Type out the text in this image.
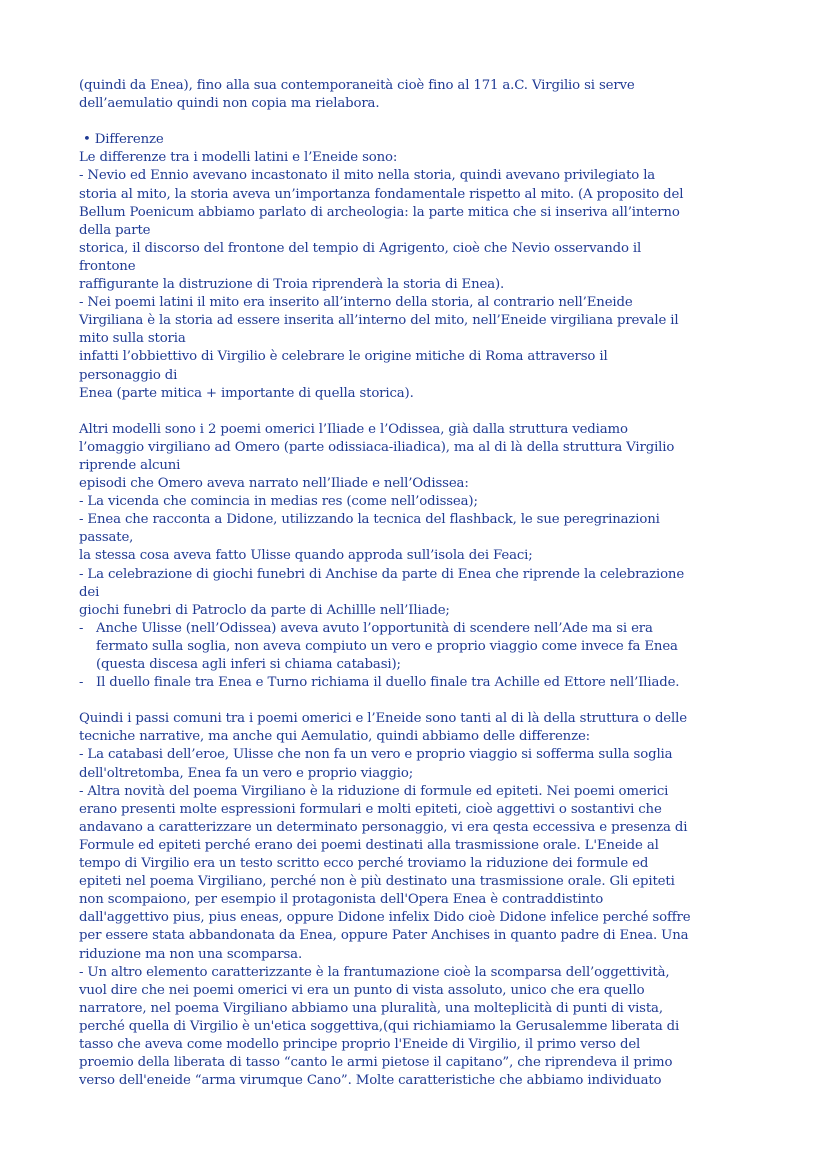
(quindi da Enea), fino alla sua contemporaneità cioè fino al 171 a.C. Virgilio si serve
dell’aemulatio quindi non copia ma rielabora.
• Differenze
Le differenze tra i modelli latini e l’Eneide sono:
- Nevio ed Ennio avevano incastonato il mito nella storia, quindi avevano privilegiato la
storia al mito, la storia aveva un’importanza fondamentale rispetto al mito. (A proposito del
Bellum Poenicum abbiamo parlato di archeologia: la parte mitica che si inseriva all’interno
della parte
storica, il discorso del frontone del tempio di Agrigento, cioè che Nevio osservando il
frontone
raffigurante la distruzione di Troia riprenderà la storia di Enea).
- Nei poemi latini il mito era inserito all’interno della storia, al contrario nell’Eneide
Virgiliana è la storia ad essere inserita all’interno del mito, nell’Eneide virgiliana prevale il
mito sulla storia
infatti l’obbiettivo di Virgilio è celebrare le origine mitiche di Roma attraverso il
personaggio di
Enea (parte mitica + importante di quella storica).
Altri modelli sono i 2 poemi omerici l’Iliade e l’Odissea, già dalla struttura vediamo
l’omaggio virgiliano ad Omero (parte odissiaca-iliadica), ma al di là della struttura Virgilio
riprende alcuni
episodi che Omero aveva narrato nell’Iliade e nell’Odissea:
- La vicenda che comincia in medias res (come nell’odissea);
- Enea che racconta a Didone, utilizzando la tecnica del flashback, le sue peregrinazioni
passate,
la stessa cosa aveva fatto Ulisse quando approda sull’isola dei Feaci;
- La celebrazione di giochi funebri di Anchise da parte di Enea che riprende la celebrazione
dei
giochi funebri di Patroclo da parte di Achillle nell’Iliade;
- Anche Ulisse (nell’Odissea) aveva avuto l’opportunità di scendere nell’Ade ma si era
fermato sulla soglia, non aveva compiuto un vero e proprio viaggio come invece fa Enea
(questa discesa agli inferi si chiama catabasi);
- Il duello finale tra Enea e Turno richiama il duello finale tra Achille ed Ettore nell’Iliade.
Quindi i passi comuni tra i poemi omerici e l’Eneide sono tanti al di là della struttura o delle
tecniche narrative, ma anche qui Aemulatio, quindi abbiamo delle differenze:
- La catabasi dell’eroe, Ulisse che non fa un vero e proprio viaggio si sofferma sulla soglia
dell'oltretomba, Enea fa un vero e proprio viaggio;
- Altra novità del poema Virgiliano è la riduzione di formule ed epiteti. Nei poemi omerici
erano presenti molte espressioni formulari e molti epiteti, cioè aggettivi o sostantivi che
andavano a caratterizzare un determinato personaggio, vi era qesta eccessiva e presenza di
Formule ed epiteti perché erano dei poemi destinati alla trasmissione orale. L'Eneide al
tempo di Virgilio era un testo scritto ecco perché troviamo la riduzione dei formule ed
epiteti nel poema Virgiliano, perché non è più destinato una trasmissione orale. Gli epiteti
non scompaiono, per esempio il protagonista dell'Opera Enea è contraddistinto
dall'aggettivo pius, pius eneas, oppure Didone infelix Dido cioè Didone infelice perché soffre
per essere stata abbandonata da Enea, oppure Pater Anchises in quanto padre di Enea. Una
riduzione ma non una scomparsa.
- Un altro elemento caratterizzante è la frantumazione cioè la scomparsa dell’oggettività,
vuol dire che nei poemi omerici vi era un punto di vista assoluto, unico che era quello
narratore, nel poema Virgiliano abbiamo una pluralità, una molteplicità di punti di vista,
perché quella di Virgilio è un'etica soggettiva,(qui richiamiamo la Gerusalemme liberata di
tasso che aveva come modello principe proprio l'Eneide di Virgilio, il primo verso del
proemio della liberata di tasso “canto le armi pietose il capitano”, che riprendeva il primo
verso dell'eneide “arma virumque Cano”. Molte caratteristiche che abbiamo individuato
